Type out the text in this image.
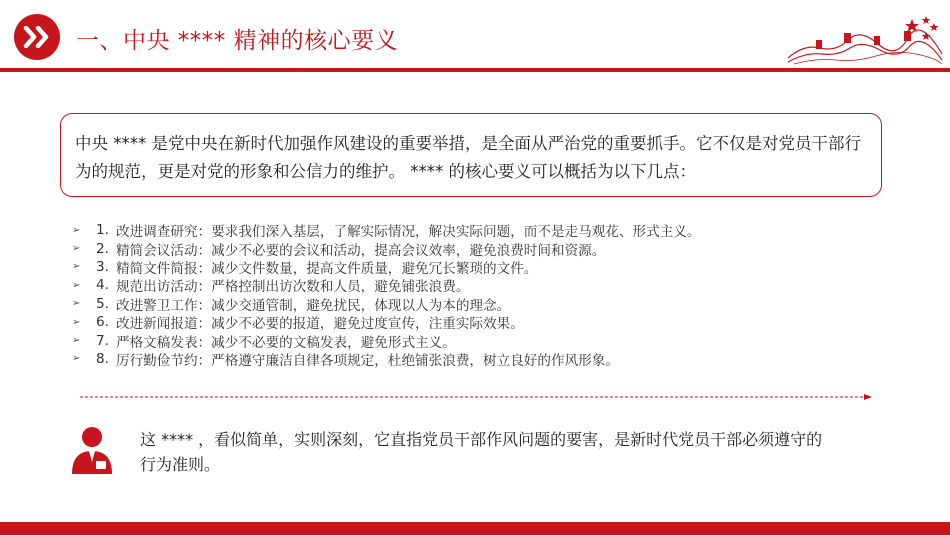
一、中央 **** 精神的核心要义
中央 **** 是党中央在新时代加强作风建设的重要举措，是全面从严治党的重要抓手。它不仅是对党员干部行为的规范，更是对党的形象和公信力的维护。 **** 的核心要义可以概括为以下几点：
➢	1. 改进调查研究：要求我们深入基层，了解实际情况，解决实际问题，而不是走马观花、形式主义。
➢	2. 精简会议活动：减少不必要的会议和活动，提高会议效率，避免浪费时间和资源。
➢	3. 精简文件简报：减少文件数量，提高文件质量，避免冗长繁琐的文件。
➢	4. 规范出访活动：严格控制出访次数和人员，避免铺张浪费。
➢	5. 改进警卫工作：减少交通管制，避免扰民，体现以人为本的理念。
➢	6. 改进新闻报道：减少不必要的报道，避免过度宣传，注重实际效果。
➢	7. 严格文稿发表：减少不必要的文稿发表，避免形式主义。
➢	8. 厉行勤俭节约：严格遵守廉洁自律各项规定，杜绝铺张浪费，树立良好的作风形象。
这 **** ，看似简单，实则深刻，它直指党员干部作风问题的要害，是新时代党员干部必须遵守的行为准则。
